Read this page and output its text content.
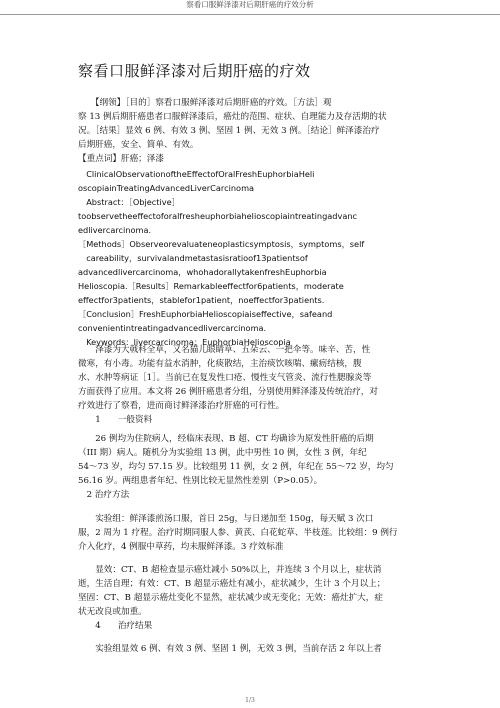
察看口服鲜泽漆对后期肝癌的疗效分析
察看口服鲜泽漆对后期肝癌的疗效

　　【纲领】［目的］察看口服鲜泽漆对后期肝癌的疗效。［方法］观

察 13 例后期肝癌患者口服鲜泽漆后，癌灶的范围、症状、自理能力及存活期的状

况。［结果］显效 6 例、有效 3 例、坚固 1 例、无效 3 例。［结论］鲜泽漆治疗

后期肝癌，安全、简单、有效。

【重点词】肝癌；泽漆

　ClinicalObservationoftheEffectofOralFreshEuphorbiaHeli

oscopiainTreatingAdvancedLiverCarcinoma

　Abstract：［Objective］

toobservetheeffectoforalfresheuphorbiahelioscopiaintreatingadvanc

edlivercarcinoma.

［Methods］Observeorevaluateneoplasticsymptosis，symptoms，self

　careability，survivalandmetastasisratioof13patientsof

advancedlivercarcinoma，whohadorallytakenfreshEuphorbia

Helioscopia.［Results］Remarkableeffectfor6patients，moderate

effectfor3patients，stablefor1patient，noeffectfor3patients.

［Conclusion］FreshEuphorbiaHelioscopiaiseffective，safeand

convenientintreatingadvancedlivercarcinoma.

　Keywords：livercarcinoma；EuphorbiaHelioscopia

　　泽漆为大戟科全草，又名猫儿眼睛草、五朵云、一把伞等。味辛、苦，性

微寒，有小毒。功能有益水消肿，化痰散结，主治痰饮咳喘、瘰疬结核，腹

水、水肿等病证［1］。当前已在复发性口疮、慢性支气管炎、流行性腮腺炎等

方面获得了应用。本文将 26 例肝癌患者分组，分别使用鲜泽漆及传统治疗，对

疗效进行了察看，进而商讨鲜泽漆治疗肝癌的可行性。

　　1　　一般资料

　　26 例均为住院病人，经临床表现、B 超、CT 均确诊为原发性肝癌的后期

（III 期）病人。随机分为实验组 13 例，此中男性 10 例，女性 3 例，年纪

54～73 岁，均匀 57.15 岁。比较组男 11 例，女 2 例，年纪在 55～72 岁，均匀

56.16 岁。两组患者年纪、性别比较无显然性差别（P>0.05）。

　2 治疗方法

　　实验组：鲜泽漆煎汤口服，首日 25g，与日递加至 150g，每天赋 3 次口

服，2 周为 1 疗程。治疗时期同服人参、黄芪、白花蛇草、半枝莲。比较组：9 例行

介入化疗，4 例服中草药，均未服鲜泽漆。3 疗效标准

　　显效：CT、B 超检查显示癌灶减小 50%以上，并连续 3 个月以上，症状消

逝，生活自理；有效：CT、B 超显示癌灶有减小，症状减少，生计 3 个月以上；

坚固：CT、B 超显示癌灶变化不显然，症状减少或无变化；无效：癌灶扩大，症

状无改良或加重。

　　4　　治疗结果

　　实验组显效 6 例、有效 3 例、坚固 1 例，无效 3 例，当前存活 2 年以上者

1/3
